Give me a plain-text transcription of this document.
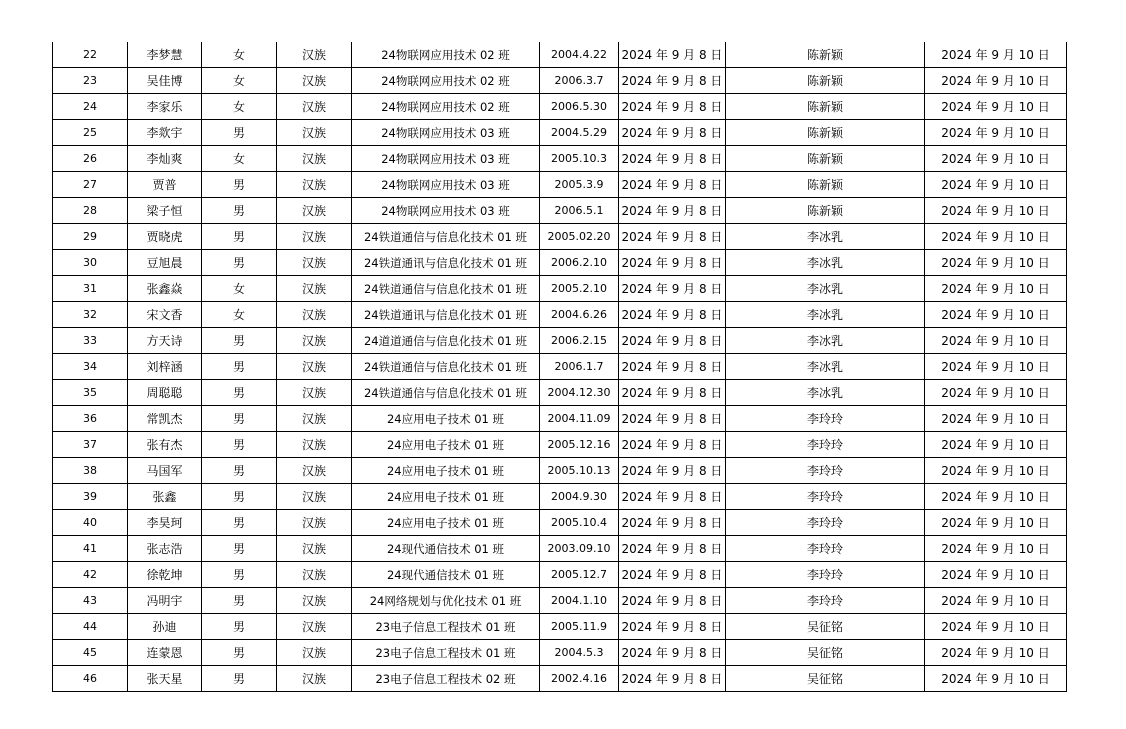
22	李梦慧	女	汉族	24物联网应用技术 02 班	2004.4.22	2024 年 9 月 8 日	陈新颖	2024 年 9 月 10 日
23	吴佳博	女	汉族	24物联网应用技术 02 班	2006.3.7	2024 年 9 月 8 日	陈新颖	2024 年 9 月 10 日
24	李家乐	女	汉族	24物联网应用技术 02 班	2006.5.30	2024 年 9 月 8 日	陈新颖	2024 年 9 月 10 日
25	李欻宇	男	汉族	24物联网应用技术 03 班	2004.5.29	2024 年 9 月 8 日	陈新颖	2024 年 9 月 10 日
26	李灿爽	女	汉族	24物联网应用技术 03 班	2005.10.3	2024 年 9 月 8 日	陈新颖	2024 年 9 月 10 日
27	贾普	男	汉族	24物联网应用技术 03 班	2005.3.9	2024 年 9 月 8 日	陈新颖	2024 年 9 月 10 日
28	梁子恒	男	汉族	24物联网应用技术 03 班	2006.5.1	2024 年 9 月 8 日	陈新颖	2024 年 9 月 10 日
29	贾晓虎	男	汉族	24铁道通信与信息化技术 01 班	2005.02.20	2024 年 9 月 8 日	李冰乳	2024 年 9 月 10 日
30	豆旭晨	男	汉族	24铁道通讯与信息化技术 01 班	2006.2.10	2024 年 9 月 8 日	李冰乳	2024 年 9 月 10 日
31	张鑫焱	女	汉族	24铁道通信与信息化技术 01 班	2005.2.10	2024 年 9 月 8 日	李冰乳	2024 年 9 月 10 日
32	宋文香	女	汉族	24铁道通讯与信息化技术 01 班	2004.6.26	2024 年 9 月 8 日	李冰乳	2024 年 9 月 10 日
33	方天诗	男	汉族	24道道通信与信息化技术 01 班	2006.2.15	2024 年 9 月 8 日	李冰乳	2024 年 9 月 10 日
34	刘梓涵	男	汉族	24铁道通信与信息化技术 01 班	2006.1.7	2024 年 9 月 8 日	李冰乳	2024 年 9 月 10 日
35	周聪聪	男	汉族	24铁道通信与信息化技术 01 班	2004.12.30	2024 年 9 月 8 日	李冰乳	2024 年 9 月 10 日
36	常凯杰	男	汉族	24应用电子技术 01 班	2004.11.09	2024 年 9 月 8 日	李玲玲	2024 年 9 月 10 日
37	张有杰	男	汉族	24应用电子技术 01 班	2005.12.16	2024 年 9 月 8 日	李玲玲	2024 年 9 月 10 日
38	马国军	男	汉族	24应用电子技术 01 班	2005.10.13	2024 年 9 月 8 日	李玲玲	2024 年 9 月 10 日
39	张鑫	男	汉族	24应用电子技术 01 班	2004.9.30	2024 年 9 月 8 日	李玲玲	2024 年 9 月 10 日
40	李昊珂	男	汉族	24应用电子技术 01 班	2005.10.4	2024 年 9 月 8 日	李玲玲	2024 年 9 月 10 日
41	张志浩	男	汉族	24现代通信技术 01 班	2003.09.10	2024 年 9 月 8 日	李玲玲	2024 年 9 月 10 日
42	徐乾坤	男	汉族	24现代通信技术 01 班	2005.12.7	2024 年 9 月 8 日	李玲玲	2024 年 9 月 10 日
43	冯明宇	男	汉族	24网络规划与优化技术 01 班	2004.1.10	2024 年 9 月 8 日	李玲玲	2024 年 9 月 10 日
44	孙迪	男	汉族	23电子信息工程技术 01 班	2005.11.9	2024 年 9 月 8 日	吴征铭	2024 年 9 月 10 日
45	连蒙恩	男	汉族	23电子信息工程技术 01 班	2004.5.3	2024 年 9 月 8 日	吴征铭	2024 年 9 月 10 日
46	张天星	男	汉族	23电子信息工程技术 02 班	2002.4.16	2024 年 9 月 8 日	吴征铭	2024 年 9 月 10 日
